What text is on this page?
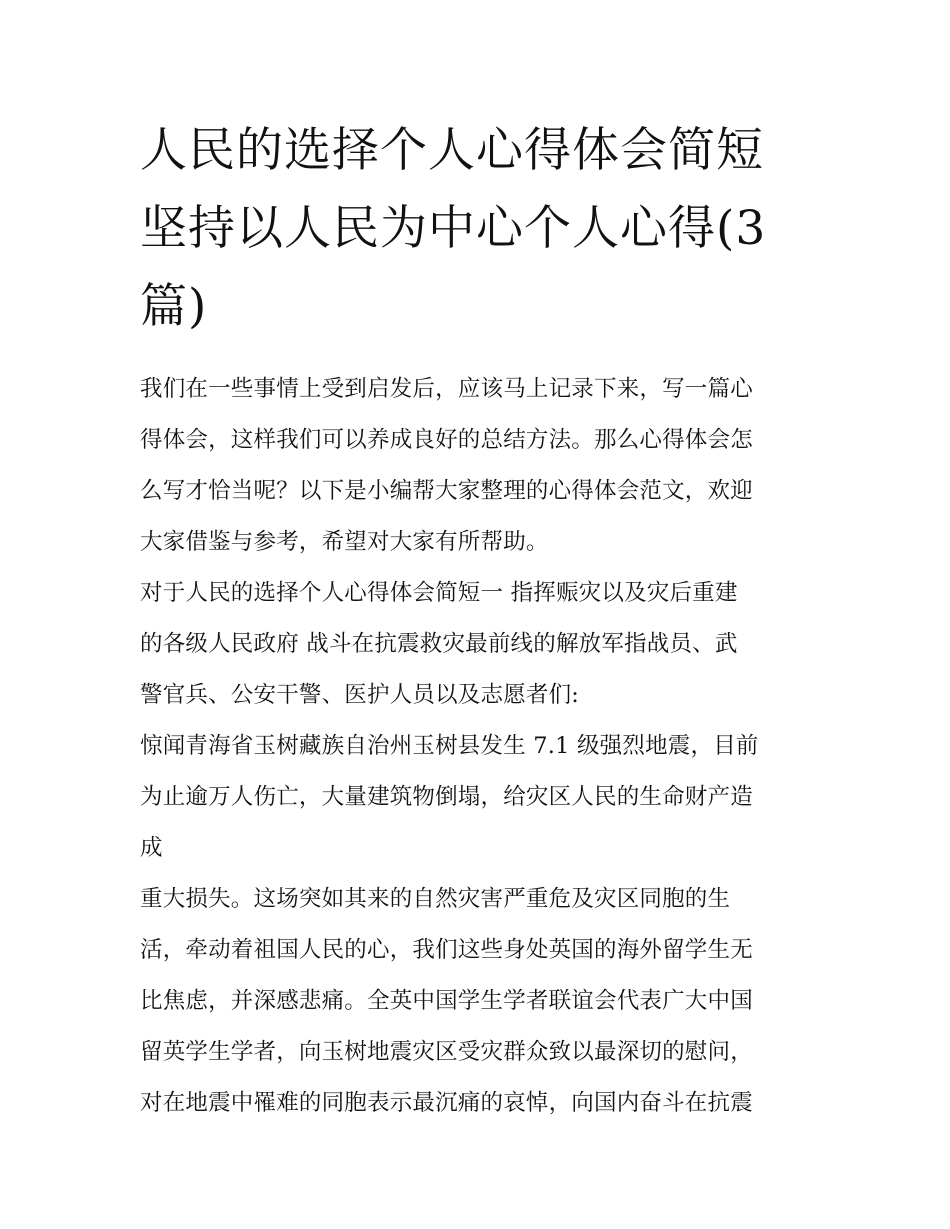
人民的选择个人心得体会简短
坚持以人民为中心个人心得(3
篇)
我们在一些事情上受到启发后，应该马上记录下来，写一篇心
得体会，这样我们可以养成良好的总结方法。那么心得体会怎
么写才恰当呢？以下是小编帮大家整理的心得体会范文，欢迎
大家借鉴与参考，希望对大家有所帮助。
对于人民的选择个人心得体会简短一 指挥赈灾以及灾后重建
的各级人民政府 战斗在抗震救灾最前线的解放军指战员、武
警官兵、公安干警、医护人员以及志愿者们:
惊闻青海省玉树藏族自治州玉树县发生 7.1 级强烈地震，目前
为止逾万人伤亡，大量建筑物倒塌，给灾区人民的生命财产造
成
重大损失。这场突如其来的自然灾害严重危及灾区同胞的生
活，牵动着祖国人民的心，我们这些身处英国的海外留学生无
比焦虑，并深感悲痛。全英中国学生学者联谊会代表广大中国
留英学生学者，向玉树地震灾区受灾群众致以最深切的慰问，
对在地震中罹难的同胞表示最沉痛的哀悼，向国内奋斗在抗震
